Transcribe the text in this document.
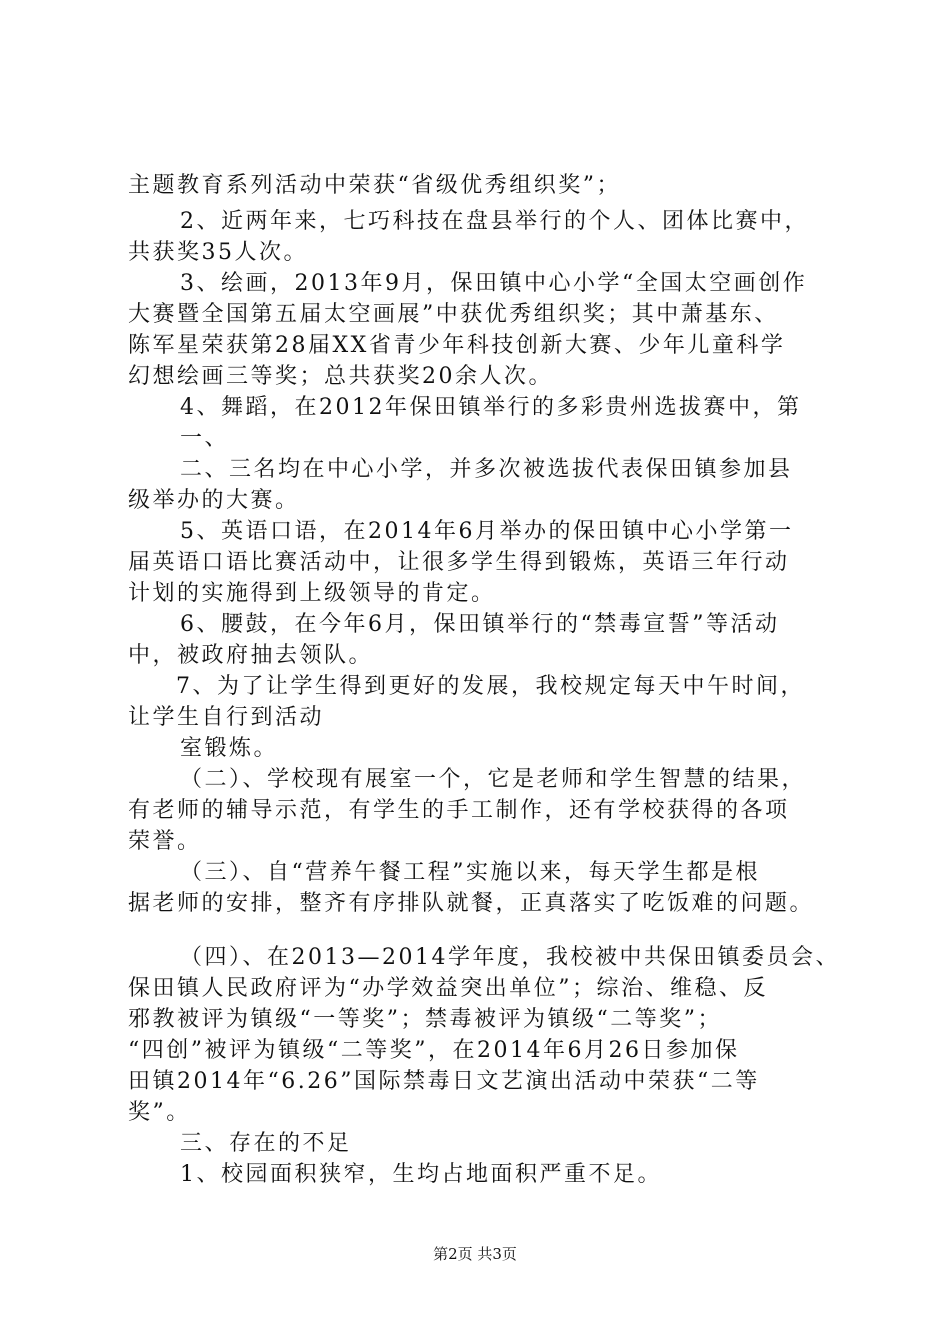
主题教育系列活动中荣获“省级优秀组织奖”；

2、近两年来，七巧科技在盘县举行的个人、团体比赛中，

共获奖35人次。

3、绘画，2013年9月，保田镇中心小学“全国太空画创作

大赛暨全国第五届太空画展”中获优秀组织奖；其中萧基东、

陈军星荣获第28届XX省青少年科技创新大赛、少年儿童科学

幻想绘画三等奖；总共获奖20余人次。

4、舞蹈，在2012年保田镇举行的多彩贵州选拔赛中，第

一、

二、三名均在中心小学，并多次被选拔代表保田镇参加县

级举办的大赛。

5、英语口语，在2014年6月举办的保田镇中心小学第一

届英语口语比赛活动中，让很多学生得到锻炼，英语三年行动

计划的实施得到上级领导的肯定。

6、腰鼓，在今年6月，保田镇举行的“禁毒宣誓”等活动

中，被政府抽去领队。

7、为了让学生得到更好的发展，我校规定每天中午时间，

让学生自行到活动

室锻炼。

（二）、学校现有展室一个，它是老师和学生智慧的结果，

有老师的辅导示范，有学生的手工制作，还有学校获得的各项

荣誉。

（三）、自“营养午餐工程”实施以来，每天学生都是根

据老师的安排，整齐有序排队就餐，正真落实了吃饭难的问题。

（四）、在2013—2014学年度，我校被中共保田镇委员会、

保田镇人民政府评为“办学效益突出单位”；综治、维稳、反

邪教被评为镇级“一等奖”；禁毒被评为镇级“二等奖”；

“四创”被评为镇级“二等奖”，在2014年6月26日参加保

田镇2014年“6.26”国际禁毒日文艺演出活动中荣获“二等

奖”。

三、存在的不足

1、校园面积狭窄，生均占地面积严重不足。

第2页 共3页
